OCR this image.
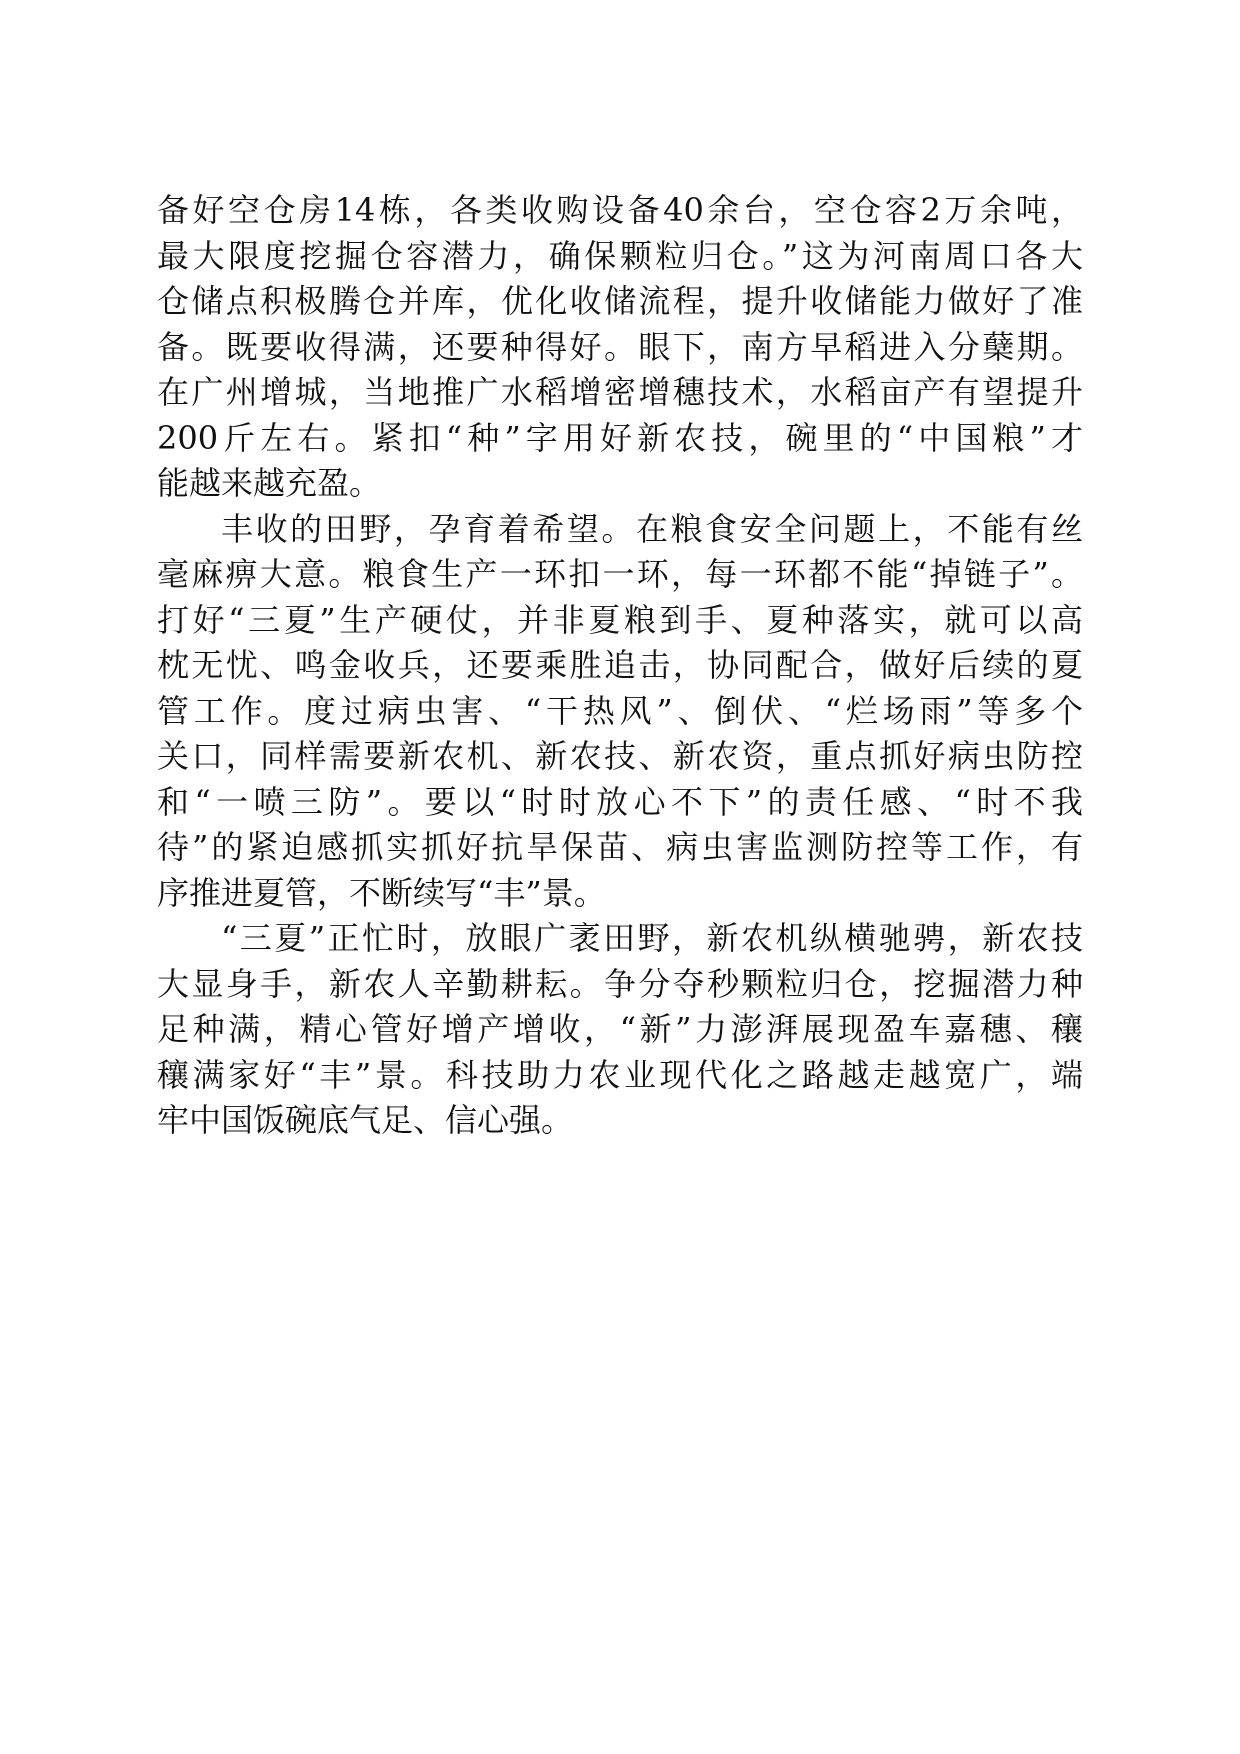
备好空仓房14栋，各类收购设备40余台，空仓容2万余吨，
最大限度挖掘仓容潜力，确保颗粒归仓。”这为河南周口各大
仓储点积极腾仓并库，优化收储流程，提升收储能力做好了准
备。既要收得满，还要种得好。眼下，南方早稻进入分蘖期。
在广州增城，当地推广水稻增密增穗技术，水稻亩产有望提升
200斤左右。紧扣“种”字用好新农技，碗里的“中国粮”才
能越来越充盈。
丰收的田野，孕育着希望。在粮食安全问题上，不能有丝
毫麻痹大意。粮食生产一环扣一环，每一环都不能“掉链子”。
打好“三夏”生产硬仗，并非夏粮到手、夏种落实，就可以高
枕无忧、鸣金收兵，还要乘胜追击，协同配合，做好后续的夏
管工作。度过病虫害、“干热风”、倒伏、“烂场雨”等多个
关口，同样需要新农机、新农技、新农资，重点抓好病虫防控
和“一喷三防”。要以“时时放心不下”的责任感、“时不我
待”的紧迫感抓实抓好抗旱保苗、病虫害监测防控等工作，有
序推进夏管，不断续写“丰”景。
“三夏”正忙时，放眼广袤田野，新农机纵横驰骋，新农技
大显身手，新农人辛勤耕耘。争分夺秒颗粒归仓，挖掘潜力种
足种满，精心管好增产增收，“新”力澎湃展现盈车嘉穗、穰
穰满家好“丰”景。科技助力农业现代化之路越走越宽广，端
牢中国饭碗底气足、信心强。
